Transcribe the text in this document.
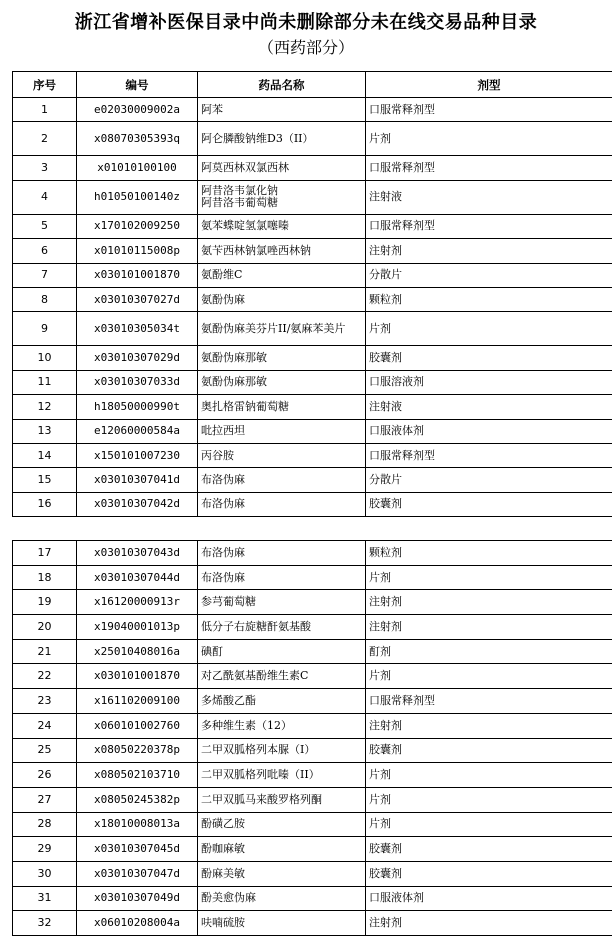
浙江省增补医保目录中尚未删除部分未在线交易品种目录
（西药部分）
序号	编号	药品名称	剂型
1	e02030009002a	阿苯	口服常释剂型
2	x08070305393q	阿仑膦酸钠维D3（II）	片剂
3	x01010100100	阿莫西林双氯西林	口服常释剂型
4	h01050100140z	阿昔洛韦氯化钠
阿昔洛韦葡萄糖	注射液
5	x170102009250	氨苯蝶啶氢氯噻嗪	口服常释剂型
6	x0101011500​8p	氨苄西林钠氯唑西林钠	注射剂
7	x030101001870	氨酚维C	分散片
8	x03010307027d	氨酚伪麻	颗粒剂
9	x03010305034t	氨酚伪麻美芬片II/氨麻苯美片	片剂
10	x03010307029d	氨酚伪麻那敏	胶囊剂
11	x03010307033d	氨酚伪麻那敏	口服溶液剂
12	h18050000990t	奥扎格雷钠葡萄糖	注射液
13	e12060000584a	吡拉西坦	口服液体剂
14	x150101007230	丙谷胺	口服常释剂型
15	x03010307041d	布洛伪麻	分散片
16	x03010307042d	布洛伪麻	胶囊剂
17	x03010307043d	布洛伪麻	颗粒剂
18	x03010307044d	布洛伪麻	片剂
19	x16120000913r	参芎葡萄糖	注射剂
20	x19040001013p	低分子右旋糖酐氨基酸	注射剂
21	x25010408016a	碘酊	酊剂
22	x030101001870	对乙酰氨基酚维生素C	片剂
23	x161102009100	多烯酸乙酯	口服常释剂型
24	x060101002760	多种维生素（12）	注射剂
25	x08050220378p	二甲双胍格列本脲（I）	胶囊剂
26	x080502103710	二甲双胍格列吡嗪（II）	片剂
27	x08050245382p	二甲双胍马来酸罗格列酮	片剂
28	x18010008013a	酚磺乙胺	片剂
29	x03010307045d	酚咖麻敏	胶囊剂
30	x03010307047d	酚麻美敏	胶囊剂
31	x03010307049d	酚美愈伪麻	口服液体剂
32	x06010208004a	呋喃硫胺	注射剂
